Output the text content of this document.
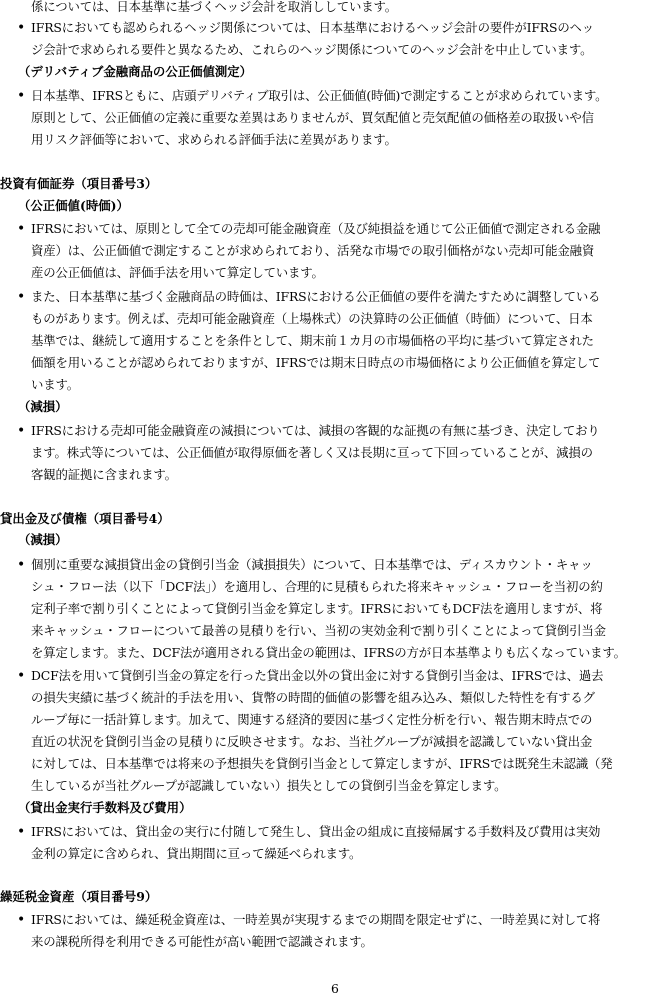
係については、日本基準に基づくヘッジ会計を取消ししています。
•
IFRSにおいても認められるヘッジ関係については、日本基準におけるヘッジ会計の要件がIFRSのヘッ
ジ会計で求められる要件と異なるため、これらのヘッジ関係についてのヘッジ会計を中止しています。
（デリバティブ金融商品の公正価値測定）
•
日本基準、IFRSともに、店頭デリバティブ取引は、公正価値(時価)で測定することが求められています。
原則として、公正価値の定義に重要な差異はありませんが、買気配値と売気配値の価格差の取扱いや信
用リスク評価等において、求められる評価手法に差異があります。
投資有価証券（項目番号3）
（公正価値(時価)）
•
IFRSにおいては、原則として全ての売却可能金融資産（及び純損益を通じて公正価値で測定される金融
資産）は、公正価値で測定することが求められており、活発な市場での取引価格がない売却可能金融資
産の公正価値は、評価手法を用いて算定しています。
•
また、日本基準に基づく金融商品の時価は、IFRSにおける公正価値の要件を満たすために調整している
ものがあります。例えば、売却可能金融資産（上場株式）の決算時の公正価値（時価）について、日本
基準では、継続して適用することを条件として、期末前１カ月の市場価格の平均に基づいて算定された
価額を用いることが認められておりますが、IFRSでは期末日時点の市場価格により公正価値を算定して
います。
（減損）
•
IFRSにおける売却可能金融資産の減損については、減損の客観的な証拠の有無に基づき、決定しており
ます。株式等については、公正価値が取得原価を著しく又は長期に亘って下回っていることが、減損の
客観的証拠に含まれます。
貸出金及び債権（項目番号4）
（減損）
•
個別に重要な減損貸出金の貸倒引当金（減損損失）について、日本基準では、ディスカウント・キャッ
シュ・フロー法（以下「DCF法」）を適用し、合理的に見積もられた将来キャッシュ・フローを当初の約
定利子率で割り引くことによって貸倒引当金を算定します。IFRSにおいてもDCF法を適用しますが、将
来キャッシュ・フローについて最善の見積りを行い、当初の実効金利で割り引くことによって貸倒引当金
を算定します。また、DCF法が適用される貸出金の範囲は、IFRSの方が日本基準よりも広くなっています。
•
DCF法を用いて貸倒引当金の算定を行った貸出金以外の貸出金に対する貸倒引当金は、IFRSでは、過去
の損失実績に基づく統計的手法を用い、貨幣の時間的価値の影響を組み込み、類似した特性を有するグ
ループ毎に一括計算します。加えて、関連する経済的要因に基づく定性分析を行い、報告期末時点での
直近の状況を貸倒引当金の見積りに反映させます。なお、当社グループが減損を認識していない貸出金
に対しては、日本基準では将来の予想損失を貸倒引当金として算定しますが、IFRSでは既発生未認識（発
生しているが当社グループが認識していない）損失としての貸倒引当金を算定します。
（貸出金実行手数料及び費用）
•
IFRSにおいては、貸出金の実行に付随して発生し、貸出金の組成に直接帰属する手数料及び費用は実効
金利の算定に含められ、貸出期間に亘って繰延べられます。
繰延税金資産（項目番号9）
•
IFRSにおいては、繰延税金資産は、一時差異が実現するまでの期間を限定せずに、一時差異に対して将
来の課税所得を利用できる可能性が高い範囲で認識されます。
6
